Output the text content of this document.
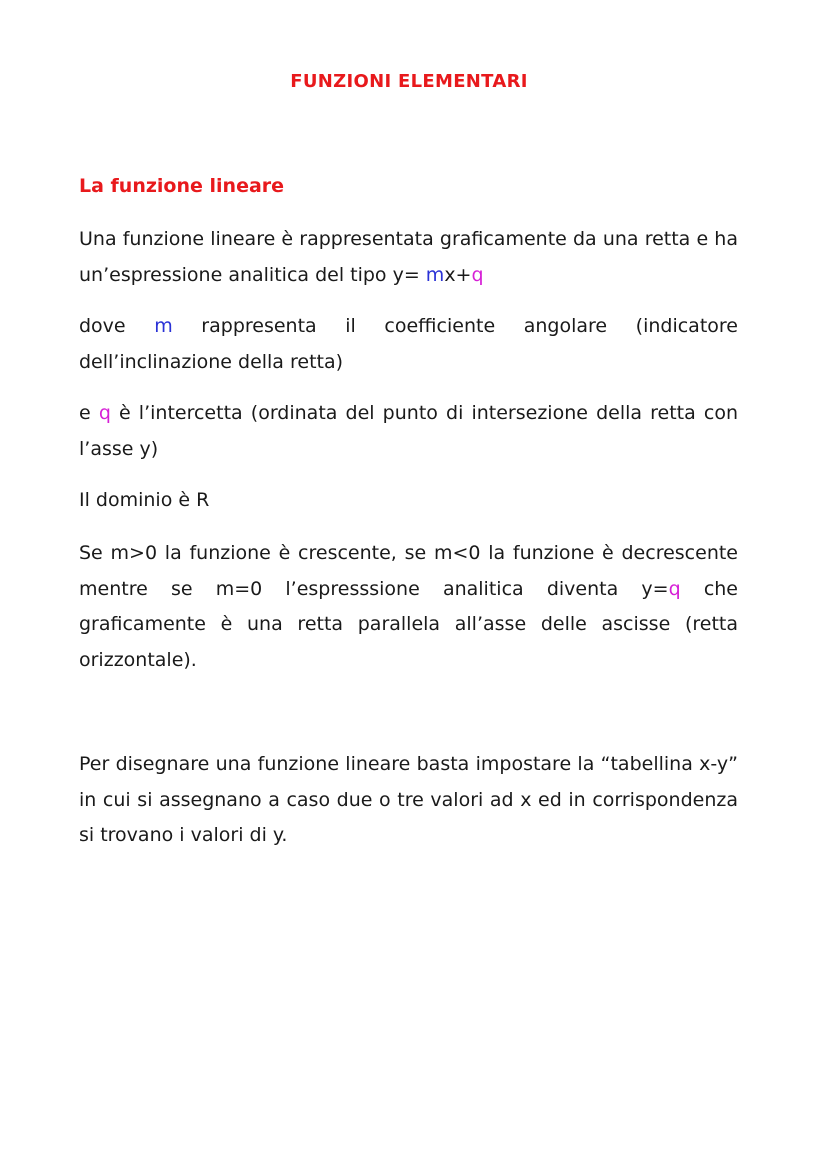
FUNZIONI ELEMENTARI
La funzione lineare

Una funzione lineare è rappresentata graficamente da una retta e ha un’espressione analitica del tipo y= mx+q

dove m rappresenta il coefficiente angolare (indicatore dell’inclinazione della retta)

e q è l’intercetta (ordinata del punto di intersezione della retta con l’asse y)

Il dominio è R

Se m>0 la funzione è crescente, se m<0 la funzione è decrescente mentre se m=0 l’espresssione analitica diventa y=q che graficamente è una retta parallela all’asse delle ascisse (retta orizzontale).

Per disegnare una funzione lineare basta impostare la “tabellina x-y” in cui si assegnano a caso due o tre valori ad x ed in corrispondenza si trovano i valori di y.
